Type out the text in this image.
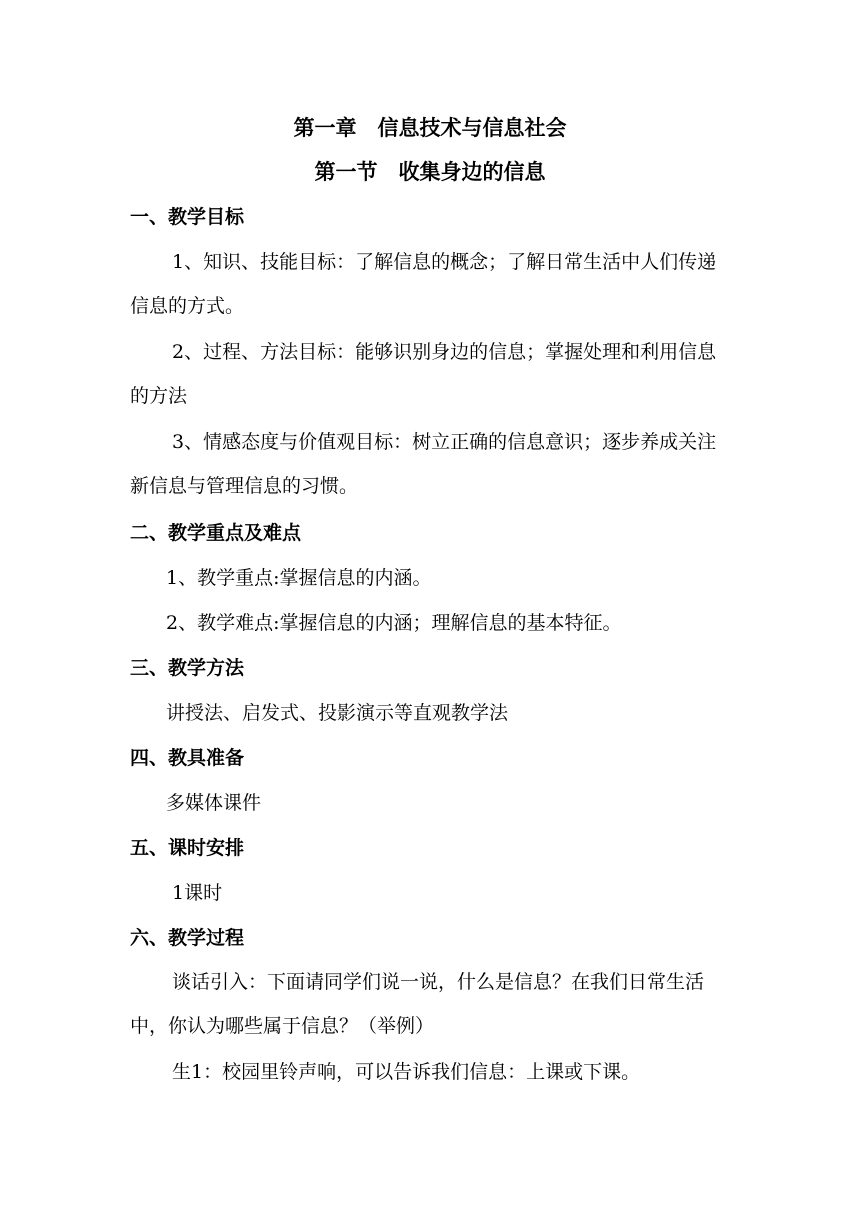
第一章　信息技术与信息社会
第一节　收集身边的信息
一、教学目标
1、知识、技能目标：了解信息的概念；了解日常生活中人们传递信息的方式。
2、过程、方法目标：能够识别身边的信息；掌握处理和利用信息的方法
3、情感态度与价值观目标：树立正确的信息意识；逐步养成关注新信息与管理信息的习惯。
二、教学重点及难点
1、教学重点:掌握信息的内涵。
2、教学难点:掌握信息的内涵；理解信息的基本特征。
三、教学方法
讲授法、启发式、投影演示等直观教学法
四、教具准备
多媒体课件
五、课时安排
1课时
六、教学过程
谈话引入：下面请同学们说一说，什么是信息？在我们日常生活中，你认为哪些属于信息？（举例）
生1：校园里铃声响，可以告诉我们信息：上课或下课。
